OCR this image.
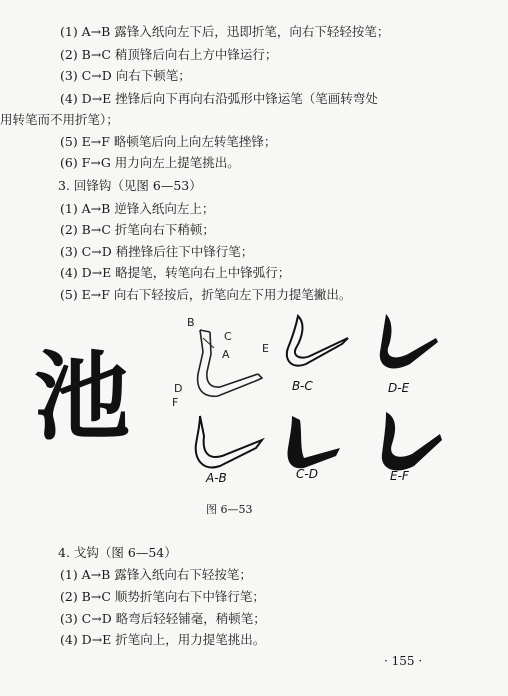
(1) A→B 露锋入纸向左下后，迅即折笔，向右下轻轻按笔；
(2) B→C 稍顶锋后向右上方中锋运行；
(3) C→D 向右下顿笔；
(4) D→E 挫锋后向下再向右沿弧形中锋运笔（笔画转弯处
用转笔而不用折笔）；
(5) E→F 略顿笔后向上向左转笔挫锋；
(6) F→G 用力向左上提笔挑出。
3. 回锋钩（见图 6—53）
(1) A→B 逆锋入纸向左上；
(2) B→C 折笔向右下稍顿；
(3) C→D 稍挫锋后往下中锋行笔；
(4) D→E 略提笔，转笔向右上中锋弧行；
(5) E→F 向右下轻按后，折笔向左下用力提笔撇出。
池
B
C
A	E
D
F
B-C	D-E
A-B	C-D	E-F
图 6—53
4. 戈钩（图 6—54）
(1) A→B 露锋入纸向右下轻按笔；
(2) B→C 顺势折笔向右下中锋行笔；
(3) C→D 略弯后轻轻铺毫，稍顿笔；
(4) D→E 折笔向上，用力提笔挑出。
· 155 ·
